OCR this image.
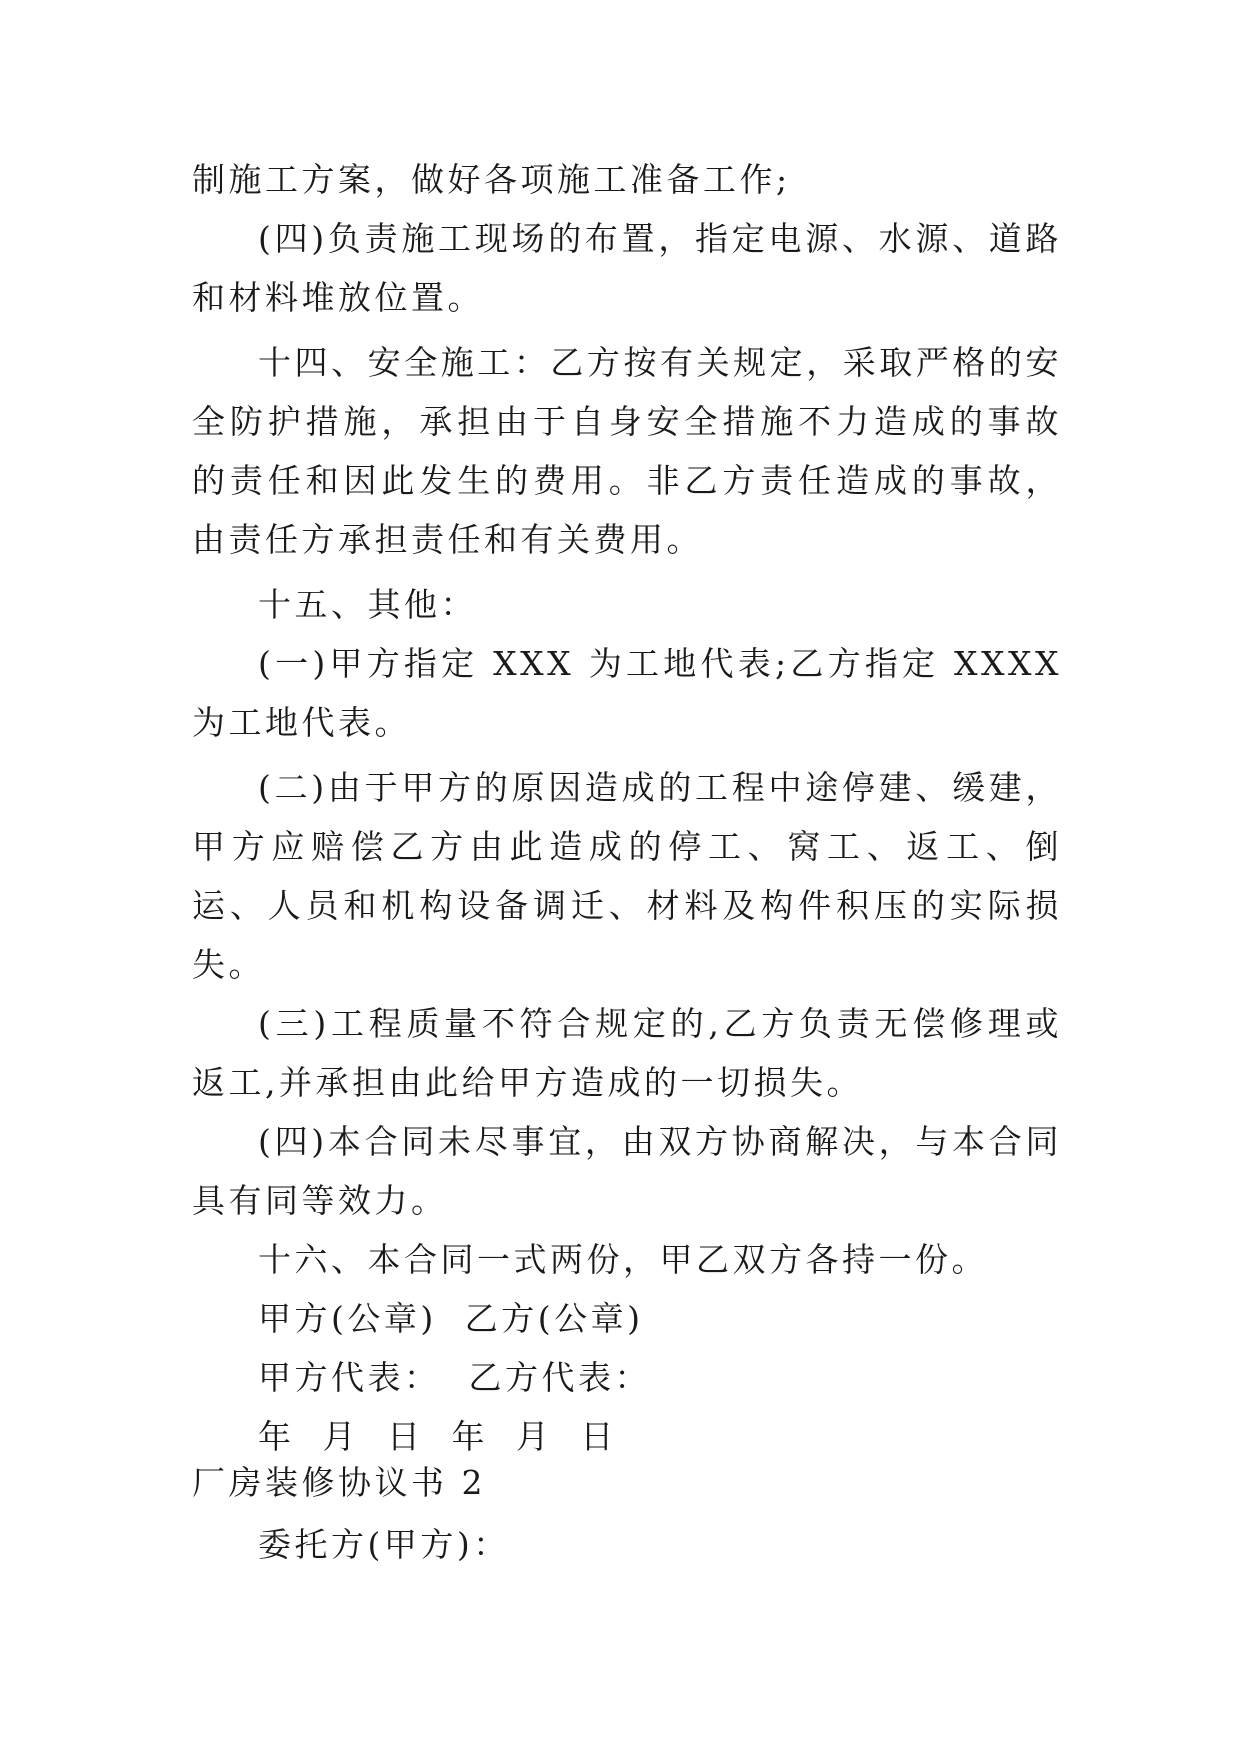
制施工方案，做好各项施工准备工作;

(四)负责施工现场的布置，指定电源、水源、道路和材料堆放位置。

十四、安全施工：乙方按有关规定，采取严格的安全防护措施，承担由于自身安全措施不力造成的事故的责任和因此发生的费用。非乙方责任造成的事故，由责任方承担责任和有关费用。

十五、其他：

(一)甲方指定 XXX 为工地代表;乙方指定 XXXX 为工地代表。

(二)由于甲方的原因造成的工程中途停建、缓建，甲方应赔偿乙方由此造成的停工、窝工、返工、倒运、人员和机构设备调迁、材料及构件积压的实际损失。

(三)工程质量不符合规定的,乙方负责无偿修理或返工,并承担由此给甲方造成的一切损失。

(四)本合同未尽事宜，由双方协商解决，与本合同具有同等效力。

十六、本合同一式两份，甲乙双方各持一份。

甲方(公章)  乙方(公章)

甲方代表：  乙方代表：

年  月  日  年  月  日

厂房装修协议书 2

委托方(甲方)：
